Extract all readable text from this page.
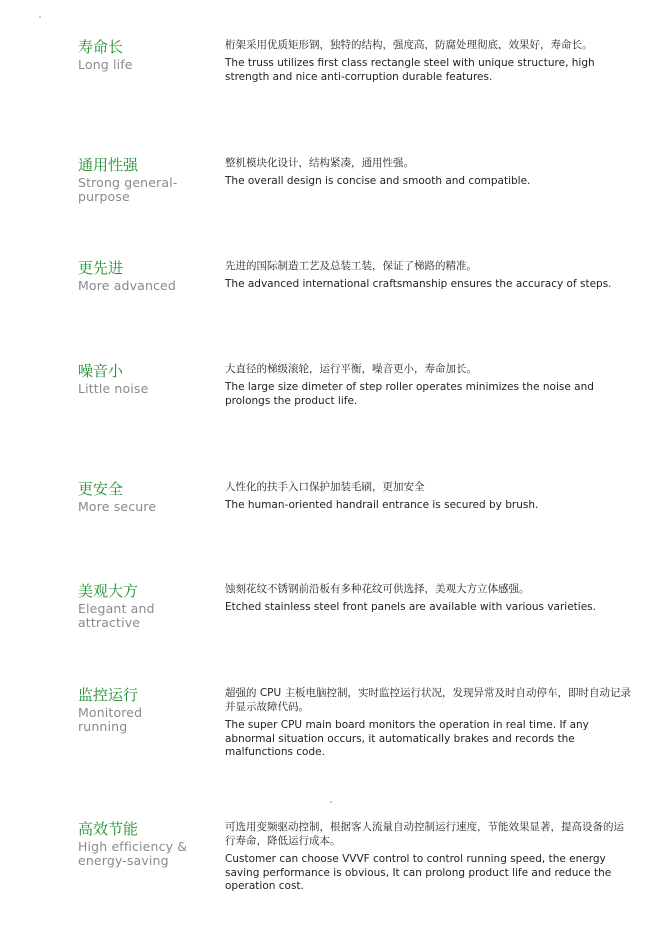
寿命长
Long life
桁架采用优质矩形钢，独特的结构，强度高，防腐处理彻底，效果好，寿命长。
The truss utilizes first class rectangle steel with unique structure, high strength and nice anti-corruption durable features.
通用性强
Strong general-
purpose
整机模块化设计，结构紧凑，通用性强。
The overall design is concise and smooth and compatible.
更先进
More advanced
先进的国际制造工艺及总装工装，保证了梯路的精准。
The advanced international craftsmanship ensures the accuracy of steps.
噪音小
Little noise
大直径的梯级滚轮，运行平衡，噪音更小，寿命加长。
The large size dimeter of step roller operates minimizes the noise and prolongs the product life.
更安全
More secure
人性化的扶手入口保护加装毛刷，更加安全
The human-oriented handrail entrance is secured by brush.
美观大方
Elegant and
attractive
蚀刻花纹不锈钢前沿板有多种花纹可供选择，美观大方立体感强。
Etched stainless steel front panels are available with various varieties.
监控运行
Monitored
running
超强的 CPU 主板电脑控制，实时监控运行状况，发现异常及时自动停车，即时自动记录并显示故障代码。
The super CPU main board monitors the operation in real time. If any abnormal situation occurs, it automatically brakes and records the malfunctions code.
高效节能
High efficiency &
energy-saving
可选用变频驱动控制，根据客人流量自动控制运行速度，节能效果显著，提高设备的运行寿命，降低运行成本。
Customer can choose VVVF control to control running speed, the energy saving performance is obvious, It can prolong product life and reduce the operation cost.
